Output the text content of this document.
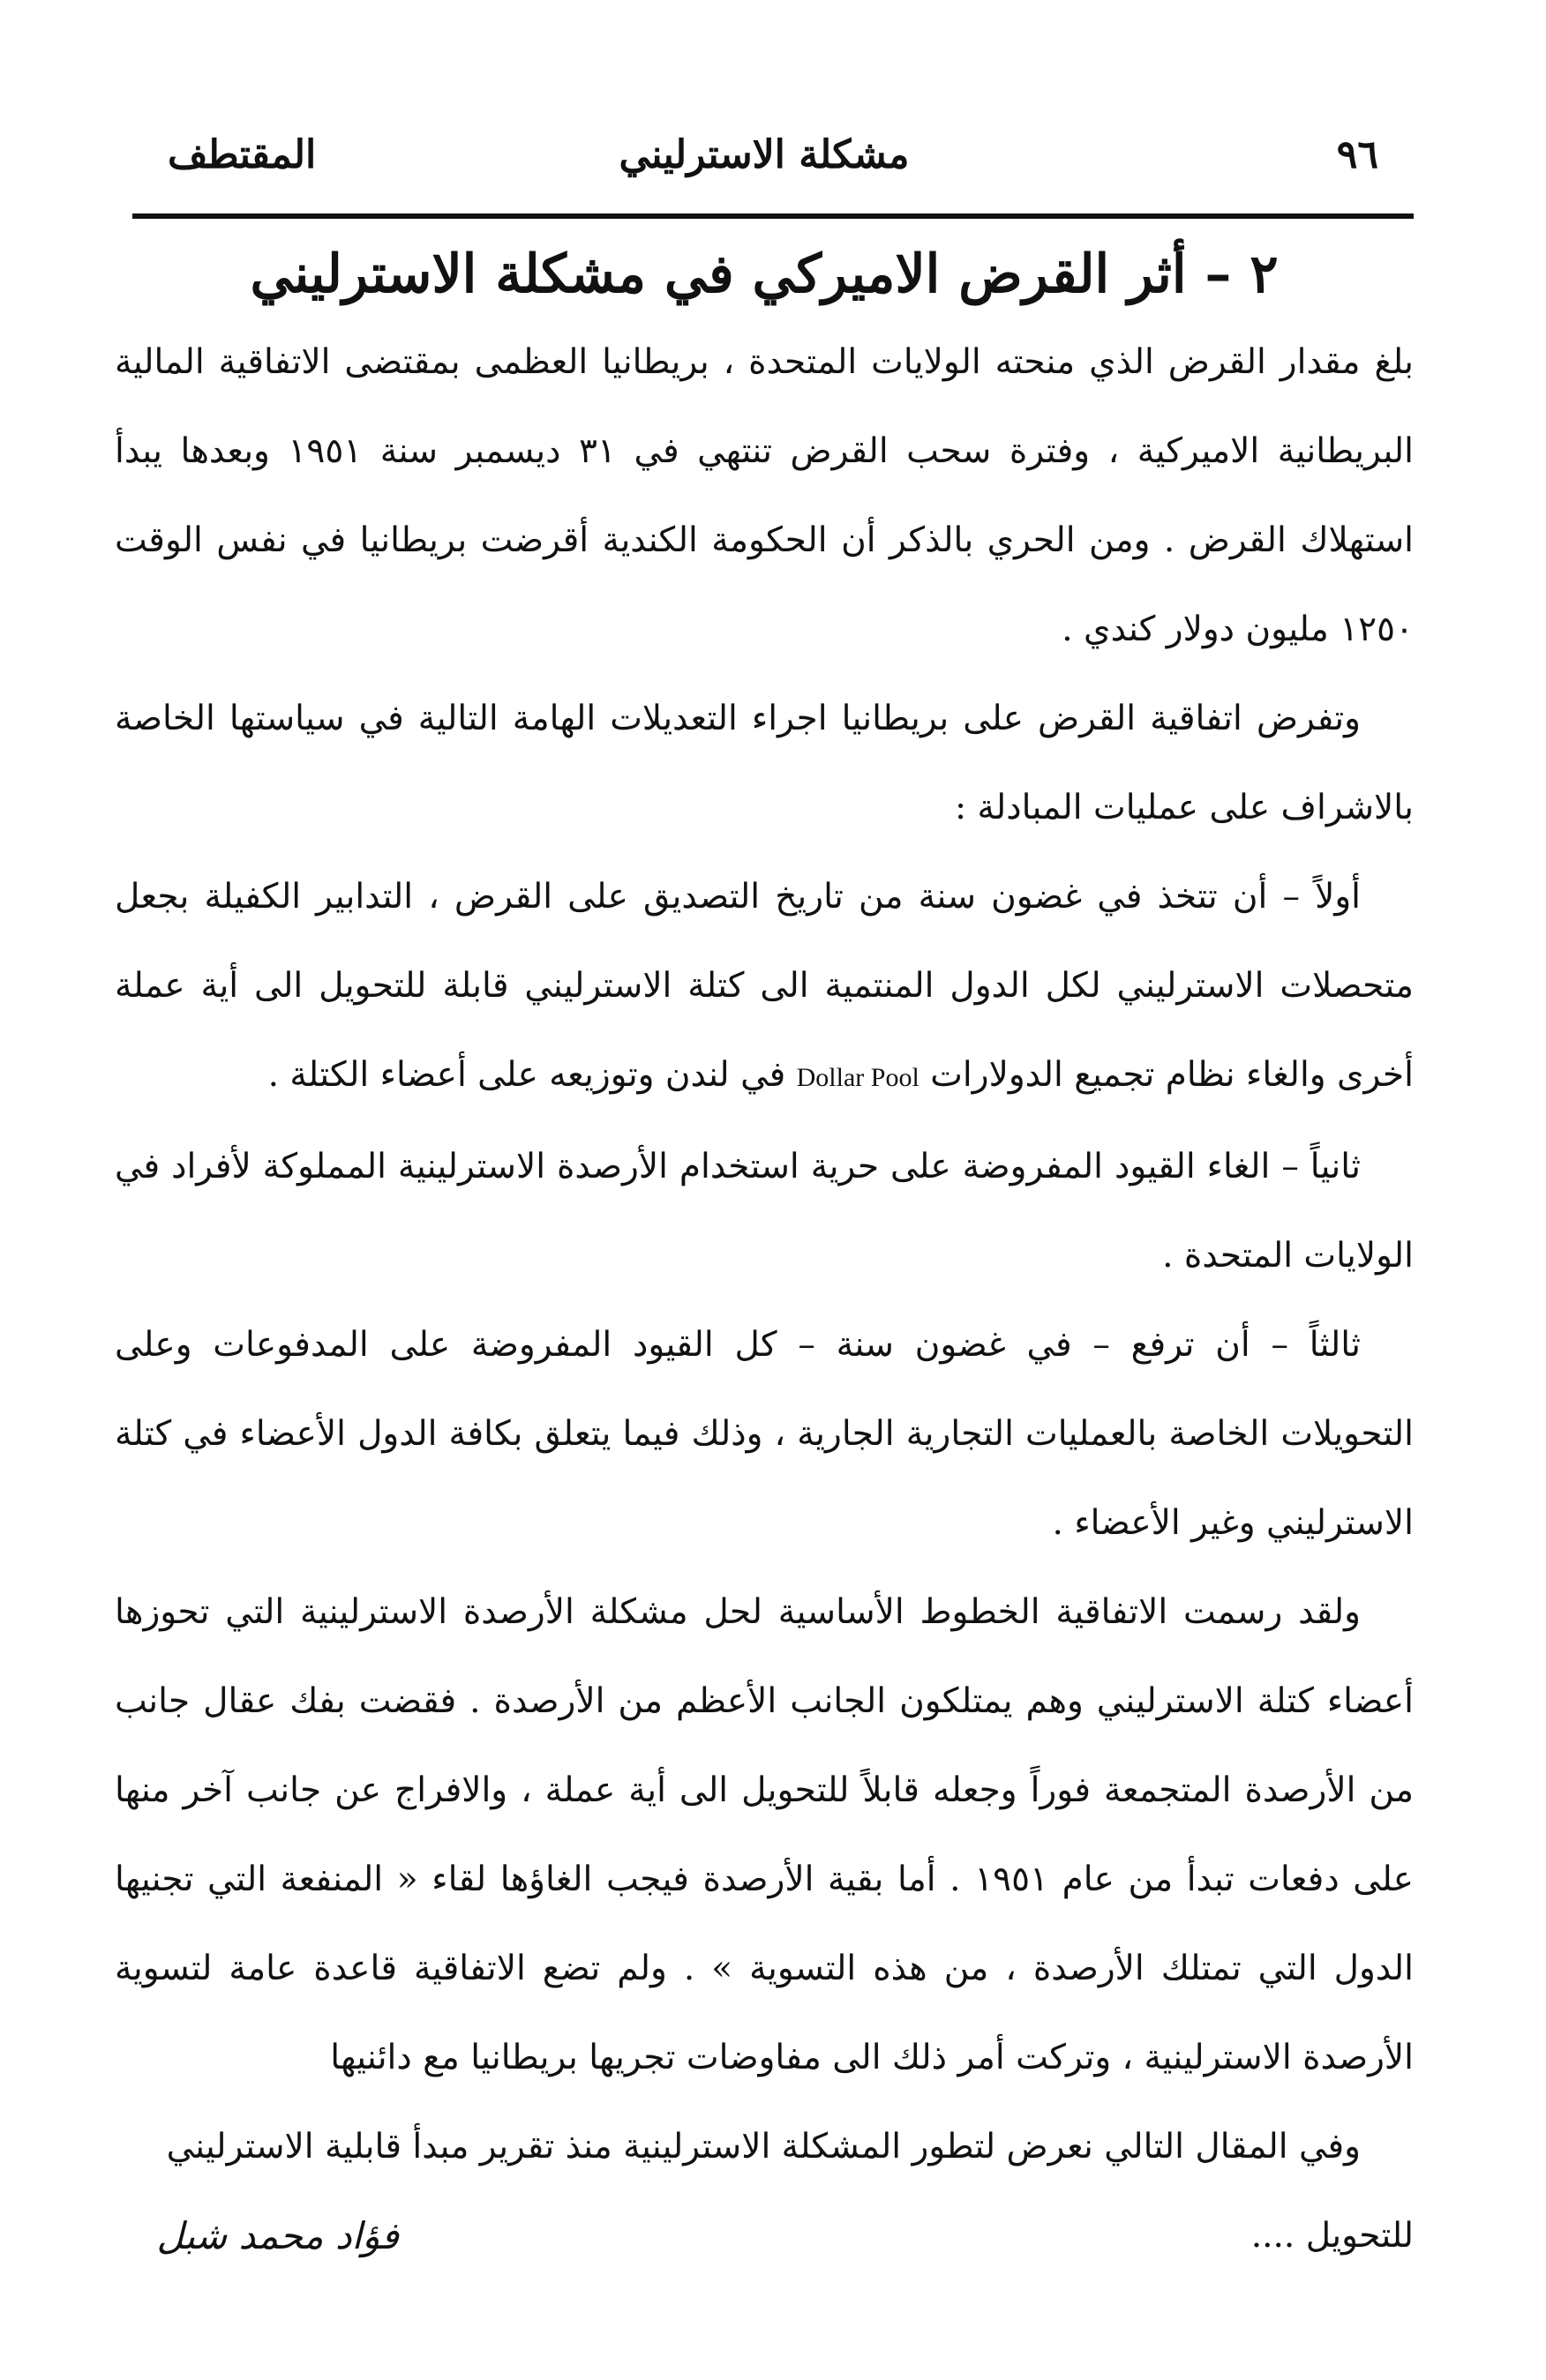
٩٦
مشكلة الاسترليني
المقتطف
٢ – أثر القرض الاميركي في مشكلة الاسترليني

بلغ مقدار القرض الذي منحته الولايات المتحدة ، بريطانيا العظمى بمقتضى الاتفاقية المالية البريطانية الاميركية ، وفترة سحب القرض تنتهي في ٣١ ديسمبر سنة ١٩٥١ وبعدها يبدأ استهلاك القرض . ومن الحري بالذكر أن الحكومة الكندية أقرضت بريطانيا في نفس الوقت ١٢٥٠ مليون دولار كندي .

وتفرض اتفاقية القرض على بريطانيا اجراء التعديلات الهامة التالية في سياستها الخاصة بالاشراف على عمليات المبادلة :

أولاً – أن تتخذ في غضون سنة من تاريخ التصديق على القرض ، التدابير الكفيلة بجعل متحصلات الاسترليني لكل الدول المنتمية الى كتلة الاسترليني قابلة للتحويل الى أية عملة أخرى والغاء نظام تجميع الدولارات Dollar Pool في لندن وتوزيعه على أعضاء الكتلة .

ثانياً – الغاء القيود المفروضة على حرية استخدام الأرصدة الاسترلينية المملوكة لأفراد في الولايات المتحدة .

ثالثاً – أن ترفع – في غضون سنة – كل القيود المفروضة على المدفوعات وعلى التحويلات الخاصة بالعمليات التجارية الجارية ، وذلك فيما يتعلق بكافة الدول الأعضاء في كتلة الاسترليني وغير الأعضاء .

ولقد رسمت الاتفاقية الخطوط الأساسية لحل مشكلة الأرصدة الاسترلينية التي تحوزها أعضاء كتلة الاسترليني وهم يمتلكون الجانب الأعظم من الأرصدة . فقضت بفك عقال جانب من الأرصدة المتجمعة فوراً وجعله قابلاً للتحويل الى أية عملة ، والافراج عن جانب آخر منها على دفعات تبدأ من عام ١٩٥١ . أما بقية الأرصدة فيجب الغاؤها لقاء « المنفعة التي تجنيها الدول التي تمتلك الأرصدة ، من هذه التسوية » . ولم تضع الاتفاقية قاعدة عامة لتسوية الأرصدة الاسترلينية ، وتركت أمر ذلك الى مفاوضات تجريها بريطانيا مع دائنيها

وفي المقال التالي نعرض لتطور المشكلة الاسترلينية منذ تقرير مبدأ قابلية الاسترليني

للتحويل ....
فؤاد محمد شبل
